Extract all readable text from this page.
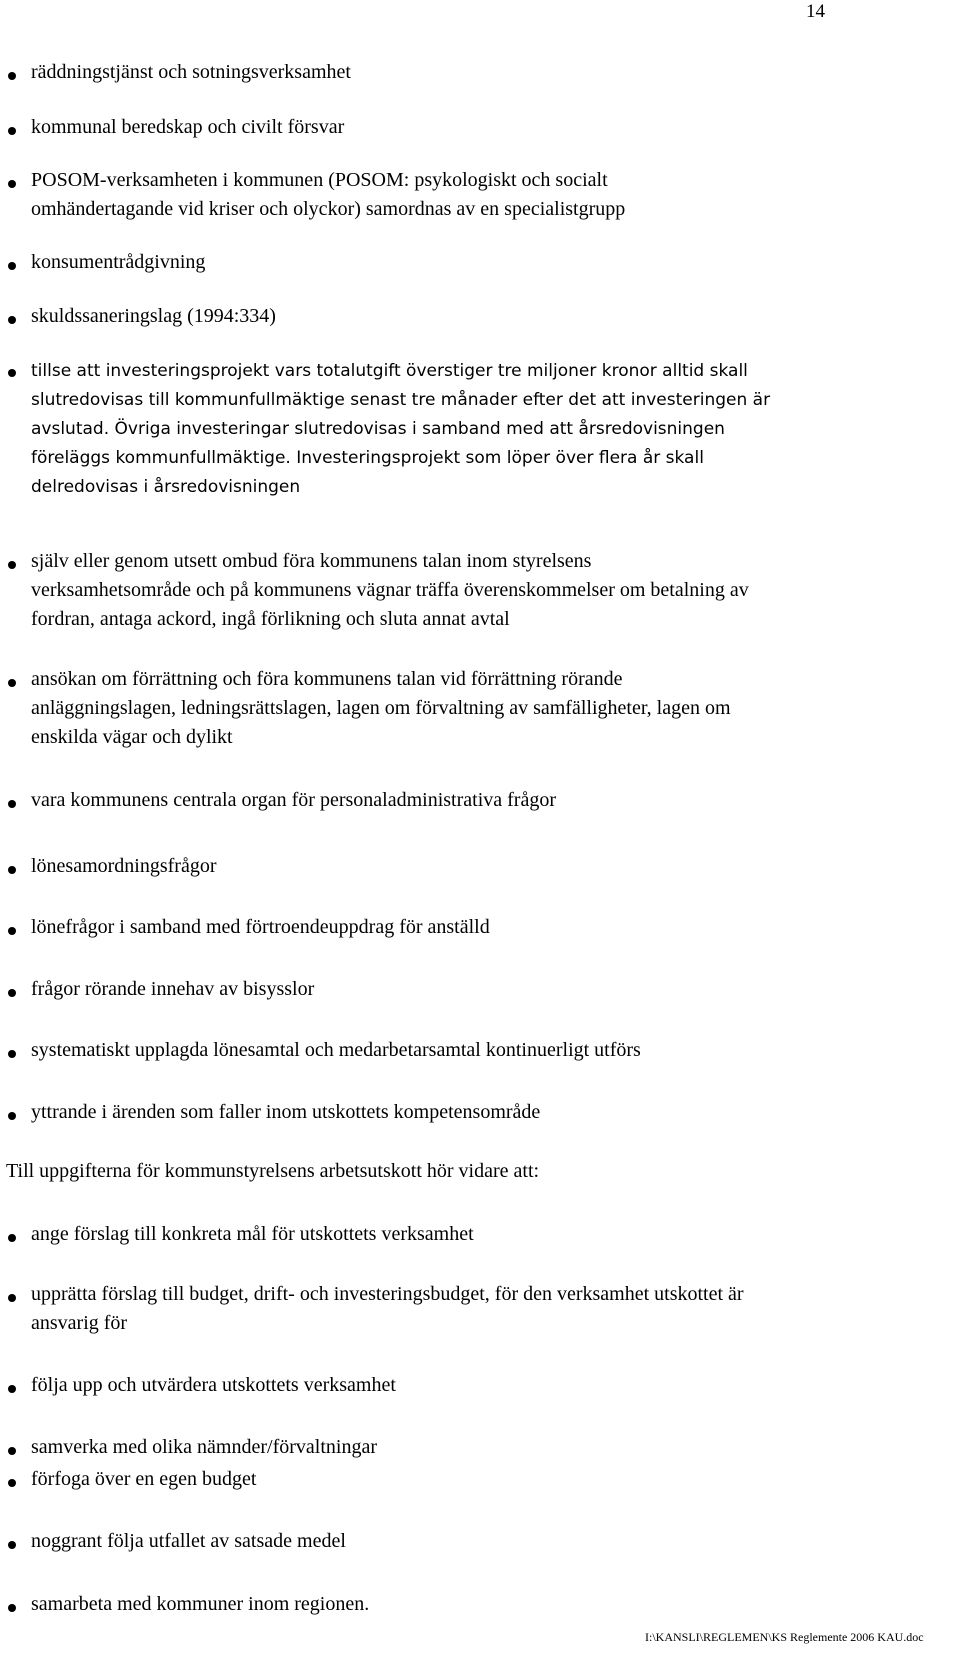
14
räddningstjänst och sotningsverksamhet
kommunal beredskap och civilt försvar
POSOM-verksamheten i kommunen (POSOM: psykologiskt och socialt
omhändertagande vid kriser och olyckor) samordnas av en specialistgrupp
konsumentrådgivning
skuldssaneringslag (1994:334)
tillse att investeringsprojekt vars totalutgift överstiger tre miljoner kronor alltid skall
slutredovisas till kommunfullmäktige senast tre månader efter det att investeringen är
avslutad. Övriga investeringar slutredovisas i samband med att årsredovisningen
föreläggs kommunfullmäktige. Investeringsprojekt som löper över flera år skall
delredovisas i årsredovisningen
själv eller genom utsett ombud föra kommunens talan inom styrelsens
verksamhetsområde och på kommunens vägnar träffa överenskommelser om betalning av
fordran, antaga ackord, ingå förlikning och sluta annat avtal
ansökan om förrättning och föra kommunens talan vid förrättning rörande
anläggningslagen, ledningsrättslagen, lagen om förvaltning av samfälligheter, lagen om
enskilda vägar och dylikt
vara kommunens centrala organ för personaladministrativa frågor
lönesamordningsfrågor
lönefrågor i samband med förtroendeuppdrag för anställd
frågor rörande innehav av bisysslor
systematiskt upplagda lönesamtal och medarbetarsamtal kontinuerligt utförs
yttrande i ärenden som faller inom utskottets kompetensområde
Till uppgifterna för kommunstyrelsens arbetsutskott hör vidare att:
ange förslag till konkreta mål för utskottets verksamhet
upprätta förslag till budget, drift- och investeringsbudget, för den verksamhet utskottet är
ansvarig för
följa upp och utvärdera utskottets verksamhet
samverka med olika nämnder/förvaltningar
förfoga över en egen budget
noggrant följa utfallet av satsade medel
samarbeta med kommuner inom regionen.
I:\KANSLI\REGLEMEN\KS Reglemente 2006 KAU.doc
